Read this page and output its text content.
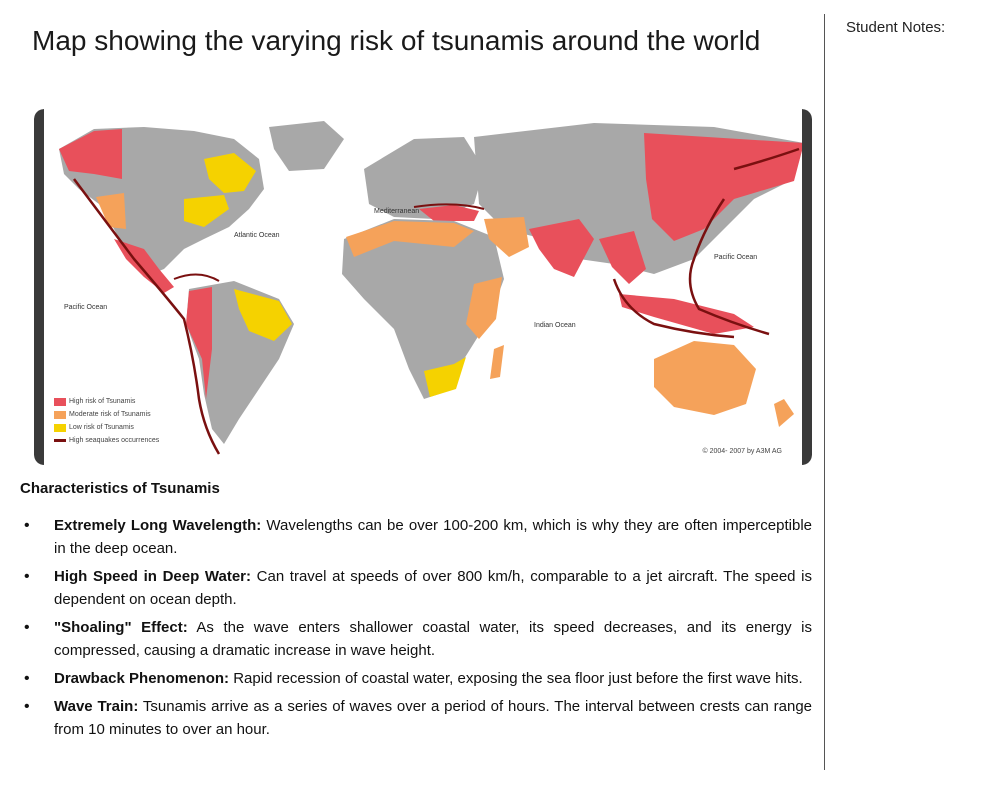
Map showing the varying risk of tsunamis around the world	Student Notes:
Atlantic Ocean
Pacific Ocean
Pacific Ocean
Indian Ocean
Mediterranean
High risk of Tsunamis
Moderate risk of Tsunamis
Low risk of Tsunamis
High seaquakes occurrences
© 2004- 2007 by A3M AG
Characteristics of Tsunamis
• Extremely Long Wavelength: Wavelengths can be over 100-200 km, which is why they are often imperceptible in the deep ocean.
• High Speed in Deep Water: Can travel at speeds of over 800 km/h, comparable to a jet aircraft. The speed is dependent on ocean depth.
• "Shoaling" Effect: As the wave enters shallower coastal water, its speed decreases, and its energy is compressed, causing a dramatic increase in wave height.
• Drawback Phenomenon: Rapid recession of coastal water, exposing the sea floor just before the first wave hits.
• Wave Train: Tsunamis arrive as a series of waves over a period of hours. The interval between crests can range from 10 minutes to over an hour.
